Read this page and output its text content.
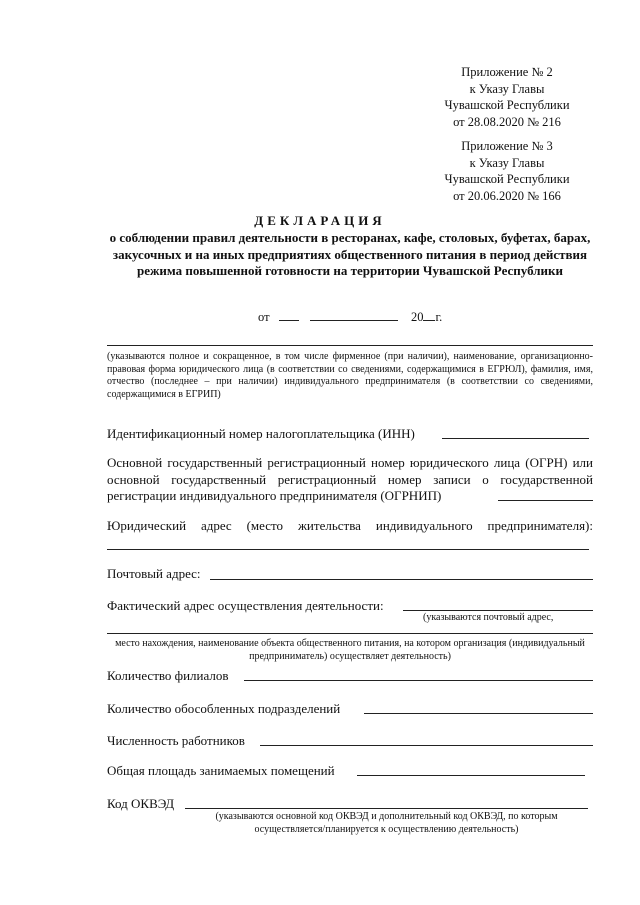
Приложение № 2
к Указу Главы
Чувашской Республики
от 28.08.2020 № 216
Приложение № 3
к Указу Главы
Чувашской Республики
от 20.06.2020 № 166
ДЕКЛАРАЦИЯ
о соблюдении правил деятельности в ресторанах, кафе, столовых, буфетах, барах, закусочных и на иных предприятиях общественного питания в период действия режима повышенной готовности на территории Чувашской Республики
от	20 г.
(указываются полное и сокращенное, в том числе фирменное (при наличии), наименование, организационно-правовая форма юридического лица (в соответствии со сведениями, содержащимися в ЕГРЮЛ), фамилия, имя, отчество (последнее – при наличии) индивидуального предпринимателя (в соответствии со сведениями, содержащимися в ЕГРИП)
Идентификационный номер налогоплательщика (ИНН)
Основной государственный регистрационный номер юридического лица (ОГРН) или основной государственный регистрационный номер записи о государственной регистрации индивидуального предпринимателя (ОГРНИП)
Юридический адрес (место жительства индивидуального предпринимателя):
Почтовый адрес:
Фактический адрес осуществления деятельности:
(указываются почтовый адрес,
место нахождения, наименование объекта общественного питания, на котором организация (индивидуальный предприниматель) осуществляет деятельность)
Количество филиалов
Количество обособленных подразделений
Численность работников
Общая площадь занимаемых помещений
Код ОКВЭД
(указываются основной код ОКВЭД и дополнительный код ОКВЭД, по которым осуществляется/планируется к осуществлению деятельность)
